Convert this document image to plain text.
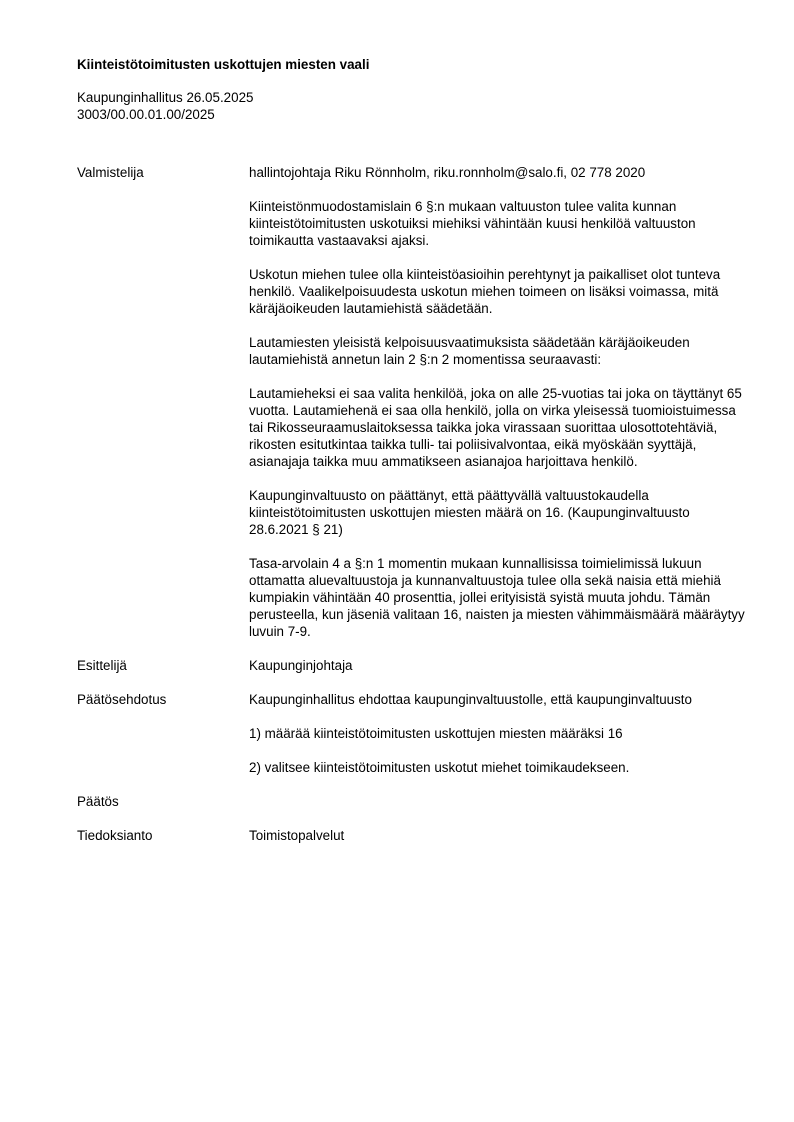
Kiinteistötoimitusten uskottujen miesten vaali
Kaupunginhallitus 26.05.2025
3003/00.00.01.00/2025
Valmistelija	hallintojohtaja Riku Rönnholm, riku.ronnholm@salo.fi, 02 778 2020

Kiinteistönmuodostamislain 6 §:n mukaan valtuuston tulee valita kunnan kiinteistötoimitusten uskotuiksi miehiksi vähintään kuusi henkilöä valtuuston toimikautta vastaavaksi ajaksi.

Uskotun miehen tulee olla kiinteistöasioihin perehtynyt ja paikalliset olot tunteva henkilö. Vaalikelpoisuudesta uskotun miehen toimeen on lisäksi voimassa, mitä käräjäoikeuden lautamiehistä säädetään.

Lautamiesten yleisistä kelpoisuusvaatimuksista säädetään käräjäoikeuden lautamiehistä annetun lain 2 §:n 2 momentissa seuraavasti:

Lautamieheksi ei saa valita henkilöä, joka on alle 25-vuotias tai joka on täyttänyt 65 vuotta. Lautamiehenä ei saa olla henkilö, jolla on virka yleisessä tuomioistuimessa tai Rikosseuraamuslaitoksessa taikka joka virassaan suorittaa ulosottotehtäviä, rikosten esitutkintaa taikka tulli- tai poliisivalvontaa, eikä myöskään syyttäjä, asianajaja taikka muu ammatikseen asianajoa harjoittava henkilö.

Kaupunginvaltuusto on päättänyt, että päättyvällä valtuustokaudella kiinteistötoimitusten uskottujen miesten määrä on 16. (Kaupunginvaltuusto 28.6.2021 § 21)

Tasa-arvolain 4 a §:n 1 momentin mukaan kunnallisissa toimielimissä lukuun ottamatta aluevaltuustoja ja kunnanvaltuustoja tulee olla sekä naisia että miehiä kumpiakin vähintään 40 prosenttia, jollei erityisistä syistä muuta johdu. Tämän perusteella, kun jäseniä valitaan 16, naisten ja miesten vähimmäismäärä määräytyy luvuin 7-9.

Esittelijä	Kaupunginjohtaja

Päätösehdotus	Kaupunginhallitus ehdottaa kaupunginvaltuustolle, että kaupunginvaltuusto

1) määrää kiinteistötoimitusten uskottujen miesten määräksi 16

2) valitsee kiinteistötoimitusten uskotut miehet toimikaudekseen.

Päätös

Tiedoksianto	Toimistopalvelut
